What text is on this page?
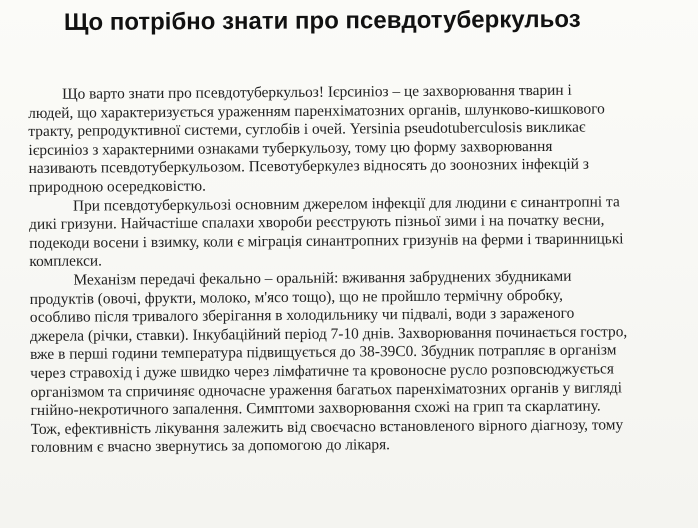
Що потрібно знати про псевдотуберкульоз
Що варто знати про псевдотуберкульоз! Ієрсиніоз – це захворювання тварин і
людей, що характеризується ураженням паренхіматозних органів, шлунково-кишкового
тракту, репродуктивної системи, суглобів і очей. Yersinia pseudotuberculosis викликає
ієрсиніоз з характерними ознаками туберкульозу, тому цю форму захворювання
називають псевдотуберкульозом. Псевотуберкулез відносять до зоонозних інфекцій з
природною осередковістю.
При псевдотуберкульозі основним джерелом інфекції для людини є синантропні та
дикі гризуни. Найчастіше спалахи хвороби реєструють пізньої зими і на початку весни,
подекоди восени і взимку, коли є міграція синантропних гризунів на ферми і тваринницькі
комплекси.
Механізм передачі фекально – оральній: вживання забруднених збудниками
продуктів (овочі, фрукти, молоко, м'ясо тощо), що не пройшло термічну обробку,
особливо після тривалого зберігання в холодильнику чи підвалі, води з зараженого
джерела (річки, ставки). Інкубаційний період 7-10 днів. Захворювання починається гостро,
вже в перші години температура підвищується до 38-39С0. Збудник потрапляє в організм
через стравохід і дуже швидко через лімфатичне та кровоносне русло розповсюджується
організмом та спричиняє одночасне ураження багатьох паренхіматозних органів у вигляді
гнійно-некротичного запалення. Симптоми захворювання схожі на грип та скарлатину.
Тож, ефективність лікування залежить від своєчасно встановленого вірного діагнозу, тому
головним є вчасно звернутись за допомогою до лікаря.
